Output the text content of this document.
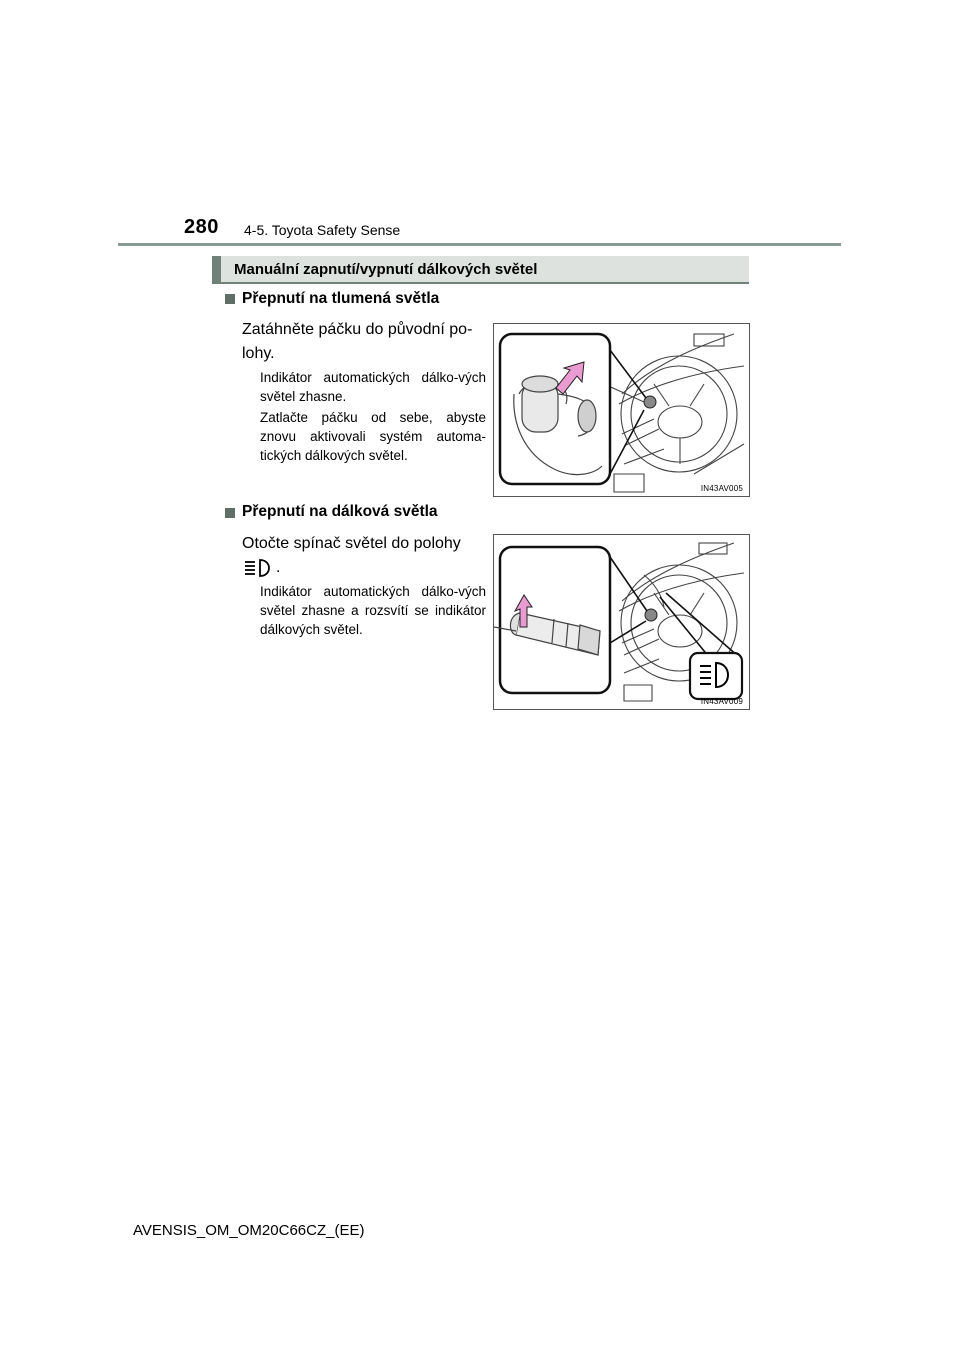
280 4-5. Toyota Safety Sense
Manuální zapnutí/vypnutí dálkových světel
Přepnutí na tlumená světla
Zatáhněte páčku do původní po-
lohy.
Indikátor automatických dálko-vých světel zhasne.
Zatlačte páčku od sebe, abyste znovu aktivovali systém automa-tických dálkových světel.
IN43AV005
Přepnutí na dálková světla
Otočte spínač světel do polohy
.
Indikátor automatických dálko-vých světel zhasne a rozsvítí se indikátor dálkových světel.
IN43AV009
AVENSIS_OM_OM20C66CZ_(EE)
